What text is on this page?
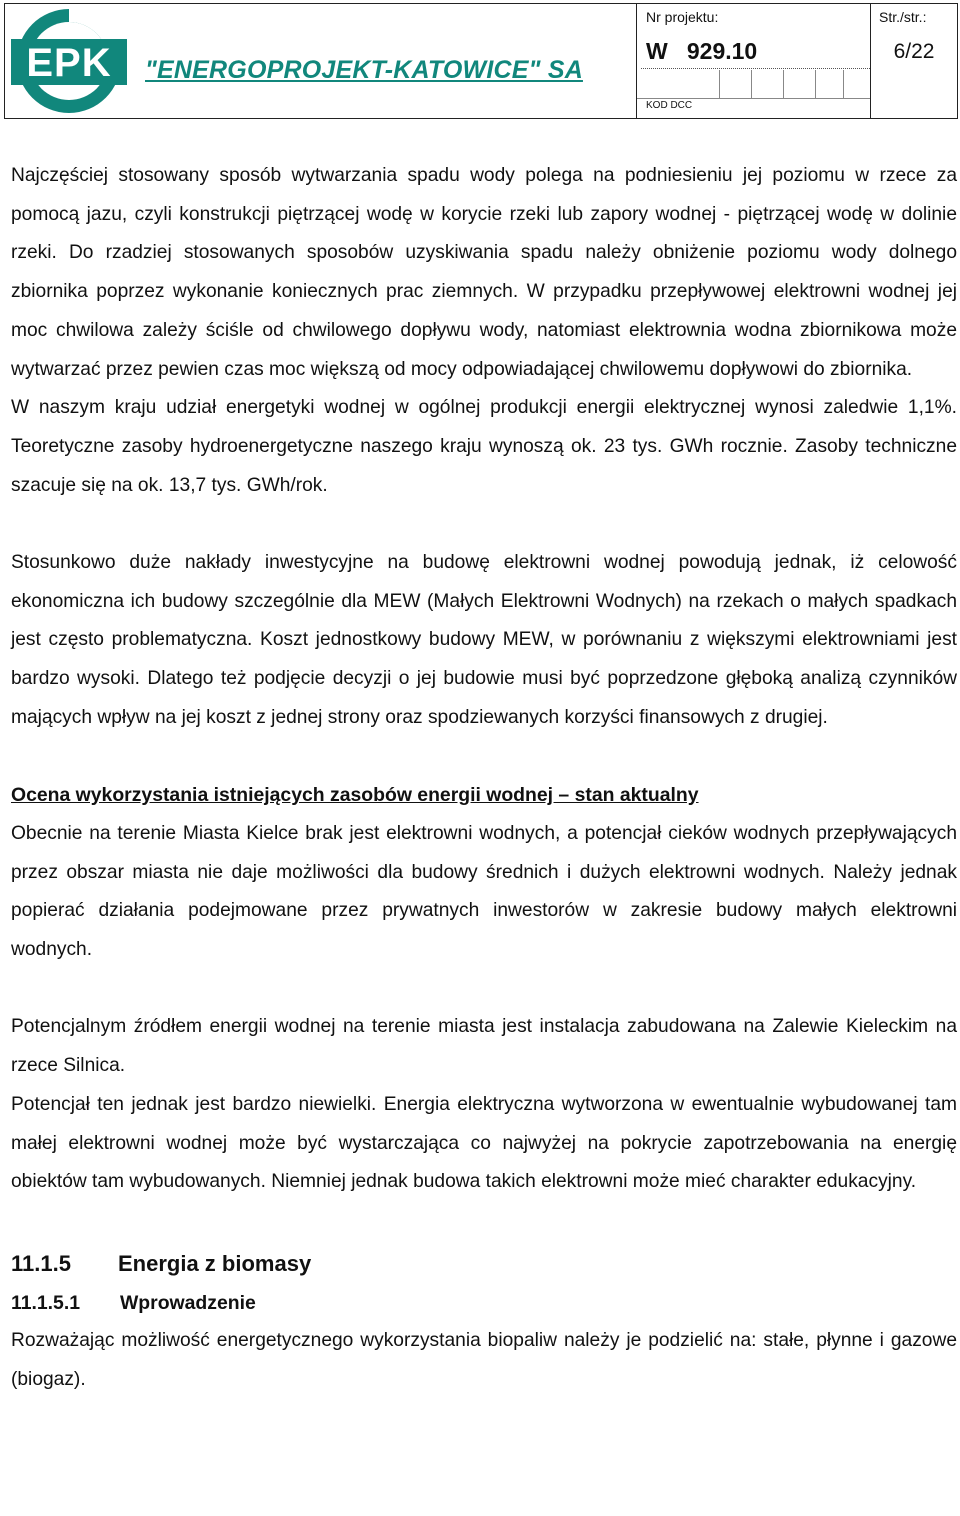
EPK "ENERGOPROJEKT-KATOWICE" SA
Nr projektu:
W   929.10
KOD DCC
Str./str.:
6/22

Najczęściej stosowany sposób wytwarzania spadu wody polega na podniesieniu jej poziomu w rzece za pomocą jazu, czyli konstrukcji piętrzącej wodę w korycie rzeki lub zapory wodnej - piętrzącej wodę w dolinie rzeki. Do rzadziej stosowanych sposobów uzyskiwania spadu należy obniżenie poziomu wody dolnego zbiornika poprzez wykonanie koniecznych prac ziemnych. W przypadku przepływowej elektrowni wodnej jej moc chwilowa zależy ściśle od chwilowego dopływu wody, natomiast elektrownia wodna zbiornikowa może wytwarzać przez pewien czas moc większą od mocy odpowiadającej chwilowemu dopływowi do zbiornika.

W naszym kraju udział energetyki wodnej w ogólnej produkcji energii elektrycznej wynosi zaledwie 1,1%. Teoretyczne zasoby hydroenergetyczne naszego kraju wynoszą ok. 23 tys. GWh rocznie. Zasoby techniczne szacuje się na ok. 13,7 tys. GWh/rok.

Stosunkowo duże nakłady inwestycyjne na budowę elektrowni wodnej powodują jednak, iż celowość ekonomiczna ich budowy szczególnie dla MEW (Małych Elektrowni Wodnych) na rzekach o małych spadkach jest często problematyczna. Koszt jednostkowy budowy MEW, w porównaniu z większymi elektrowniami jest bardzo wysoki. Dlatego też podjęcie decyzji o jej budowie musi być poprzedzone głęboką analizą czynników mających wpływ na jej koszt z jednej strony oraz spodziewanych korzyści finansowych z drugiej.

Ocena wykorzystania istniejących zasobów energii wodnej – stan aktualny

Obecnie na terenie Miasta Kielce brak jest elektrowni wodnych, a potencjał cieków wodnych przepływających przez obszar miasta nie daje możliwości dla budowy średnich i dużych elektrowni wodnych. Należy jednak popierać działania podejmowane przez prywatnych inwestorów w zakresie budowy małych elektrowni wodnych.

Potencjalnym źródłem energii wodnej na terenie miasta jest instalacja zabudowana na Zalewie Kieleckim na rzece Silnica.

Potencjał ten jednak jest bardzo niewielki. Energia elektryczna wytworzona w ewentualnie wybudowanej tam małej elektrowni wodnej może być wystarczająca co najwyżej na pokrycie zapotrzebowania na energię obiektów tam wybudowanych. Niemniej jednak budowa takich elektrowni może mieć charakter edukacyjny.

11.1.5	Energia z biomasy
11.1.5.1	Wprowadzenie

Rozważając możliwość energetycznego wykorzystania biopaliw należy je podzielić na: stałe, płynne i gazowe (biogaz).
